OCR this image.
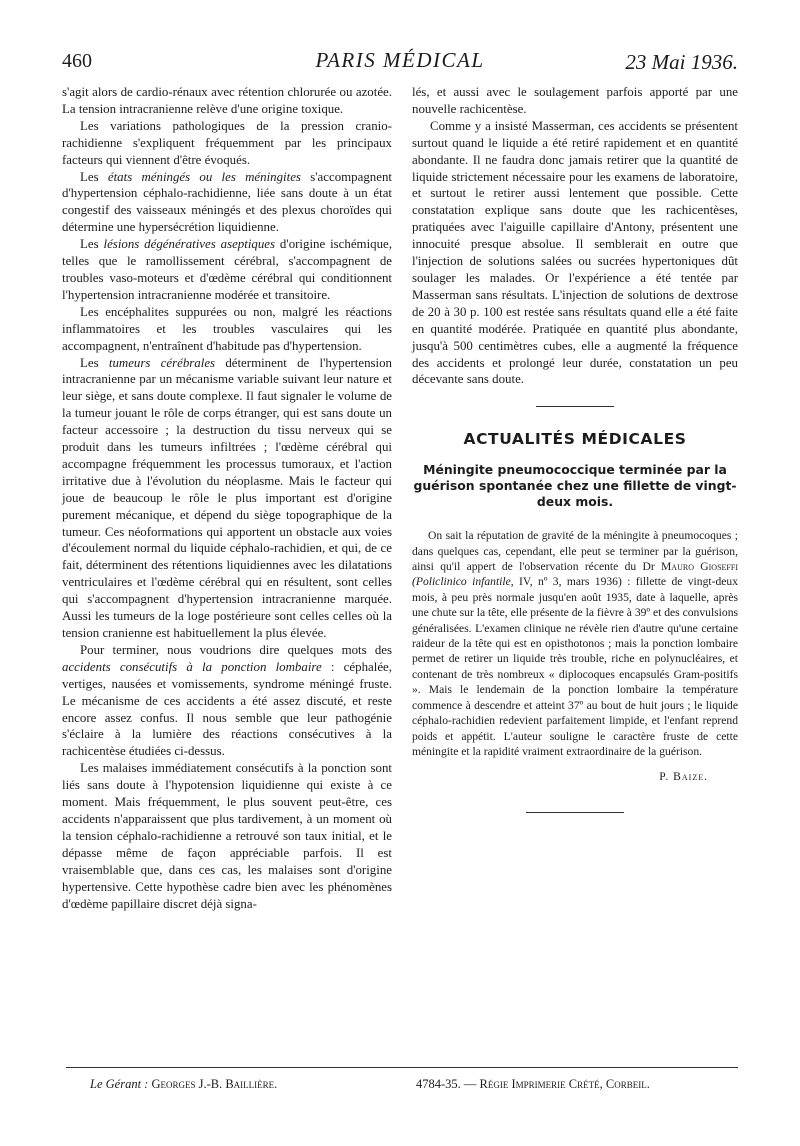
460	PARIS MÉDICAL	23 Mai 1936.

s'agit alors de cardio-rénaux avec rétention chlorurée ou azotée. La tension intracranienne relève d'une origine toxique.

Les variations pathologiques de la pression cranio-rachidienne s'expliquent fréquemment par les principaux facteurs qui viennent d'être évoqués.

Les états méningés ou les méningites s'accompagnent d'hypertension céphalo-rachidienne, liée sans doute à un état congestif des vaisseaux méningés et des plexus choroïdes qui détermine une hypersécrétion liquidienne.

Les lésions dégénératives aseptiques d'origine ischémique, telles que le ramollissement cérébral, s'accompagnent de troubles vaso-moteurs et d'œdème cérébral qui conditionnent l'hypertension intracranienne modérée et transitoire.

Les encéphalites suppurées ou non, malgré les réactions inflammatoires et les troubles vasculaires qui les accompagnent, n'entraînent d'habitude pas d'hypertension.

Les tumeurs cérébrales déterminent de l'hypertension intracranienne par un mécanisme variable suivant leur nature et leur siège, et sans doute complexe. Il faut signaler le volume de la tumeur jouant le rôle de corps étranger, qui est sans doute un facteur accessoire ; la destruction du tissu nerveux qui se produit dans les tumeurs infiltrées ; l'œdème cérébral qui accompagne fréquemment les processus tumoraux, et l'action irritative due à l'évolution du néoplasme. Mais le facteur qui joue de beaucoup le rôle le plus important est d'origine purement mécanique, et dépend du siège topographique de la tumeur. Ces néoformations qui apportent un obstacle aux voies d'écoulement normal du liquide céphalo-rachidien, et qui, de ce fait, déterminent des rétentions liquidiennes avec les dilatations ventriculaires et l'œdème cérébral qui en résultent, sont celles qui s'accompagnent d'hypertension intracranienne marquée. Aussi les tumeurs de la loge postérieure sont celles celles où la tension cranienne est habituellement la plus élevée.

Pour terminer, nous voudrions dire quelques mots des accidents consécutifs à la ponction lombaire : céphalée, vertiges, nausées et vomissements, syndrome méningé fruste. Le mécanisme de ces accidents a été assez discuté, et reste encore assez confus. Il nous semble que leur pathogénie s'éclaire à la lumière des réactions consécutives à la rachicentèse étudiées ci-dessus.

Les malaises immédiatement consécutifs à la ponction sont liés sans doute à l'hypotension liquidienne qui existe à ce moment. Mais fréquemment, le plus souvent peut-être, ces accidents n'apparaissent que plus tardivement, à un moment où la tension céphalo-rachidienne a retrouvé son taux initial, et le dépasse même de façon appréciable parfois. Il est vraisemblable que, dans ces cas, les malaises sont d'origine hypertensive. Cette hypothèse cadre bien avec les phénomènes d'œdème papillaire discret déjà signa-

lés, et aussi avec le soulagement parfois apporté par une nouvelle rachicentèse.

Comme y a insisté Masserman, ces accidents se présentent surtout quand le liquide a été retiré rapidement et en quantité abondante. Il ne faudra donc jamais retirer que la quantité de liquide strictement nécessaire pour les examens de laboratoire, et surtout le retirer aussi lentement que possible. Cette constatation explique sans doute que les rachicentèses, pratiquées avec l'aiguille capillaire d'Antony, présentent une innocuité presque absolue. Il semblerait en outre que l'injection de solutions salées ou sucrées hypertoniques dût soulager les malades. Or l'expérience a été tentée par Masserman sans résultats. L'injection de solutions de dextrose de 20 à 30 p. 100 est restée sans résultats quand elle a été faite en quantité modérée. Pratiquée en quantité plus abondante, jusqu'à 500 centimètres cubes, elle a augmenté la fréquence des accidents et prolongé leur durée, constatation un peu décevante sans doute.

ACTUALITÉS MÉDICALES
Méningite pneumococcique terminée par la guérison spontanée chez une fillette de vingt-deux mois.

On sait la réputation de gravité de la méningite à pneumocoques ; dans quelques cas, cependant, elle peut se terminer par la guérison, ainsi qu'il appert de l'observation récente du Dr Mauro Gioseffi (Policlinico infantile, IV, nº 3, mars 1936) : fillette de vingt-deux mois, à peu près normale jusqu'en août 1935, date à laquelle, après une chute sur la tête, elle présente de la fièvre à 39º et des convulsions généralisées. L'examen clinique ne révèle rien d'autre qu'une certaine raideur de la tête qui est en opisthotonos ; mais la ponction lombaire permet de retirer un liquide très trouble, riche en polynucléaires, et contenant de très nombreux « diplocoques encapsulés Gram-positifs ». Mais le lendemain de la ponction lombaire la température commence à descendre et atteint 37º au bout de huit jours ; le liquide céphalo-rachidien redevient parfaitement limpide, et l'enfant reprend poids et appétit. L'auteur souligne le caractère fruste de cette méningite et la rapidité vraiment extraordinaire de la guérison.

P. Baize.
Le Gérant : Georges J.-B. Baillière.	4784-35. — Régie Imprimerie Crété, Corbeil.
